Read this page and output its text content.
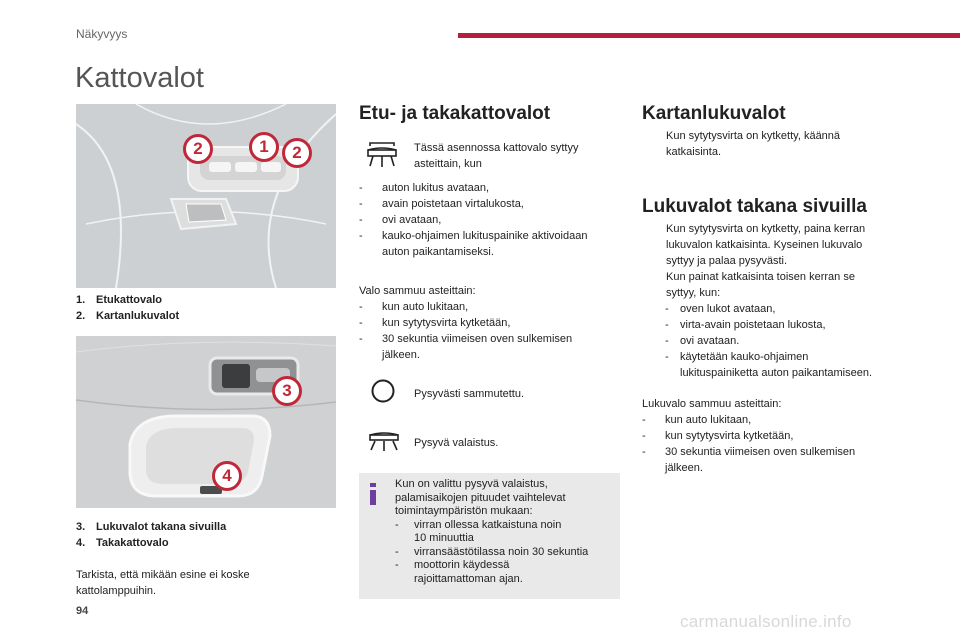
Näkyvyys
Kattovalot
2	1	2
1. Etukattovalo
2. Kartanlukuvalot
3
4
3. Lukuvalot takana sivuilla
4. Takakattovalo
Tarkista, että mikään esine ei koske
kattolamppuihin.
Etu- ja takakattovalot
Tässä asennossa kattovalo syttyy
asteittain, kun
- auton lukitus avataan,
- avain poistetaan virtalukosta,
- ovi avataan,
- kauko-ohjaimen lukituspainike aktivoidaan
auton paikantamiseksi.
Valo sammuu asteittain:
- kun auto lukitaan,
- kun sytytysvirta kytketään,
- 30 sekuntia viimeisen oven sulkemisen
jälkeen.
Pysyvästi sammutettu.
Pysyvä valaistus.
Kun on valittu pysyvä valaistus,
palamisaikojen pituudet vaihtelevat
toimintaympäristön mukaan:
- virran ollessa katkaistuna noin
10 minuuttia
- virransäästötilassa noin 30 sekuntia
- moottorin käydessä
rajoittamattoman ajan.
Kartanlukuvalot
Kun sytytysvirta on kytketty, käännä
katkaisinta.
Lukuvalot takana sivuilla
Kun sytytysvirta on kytketty, paina kerran
lukuvalon katkaisinta. Kyseinen lukuvalo
syttyy ja palaa pysyvästi.
Kun painat katkaisinta toisen kerran se
syttyy, kun:
- oven lukot avataan,
- virta-avain poistetaan lukosta,
- ovi avataan.
- käytetään kauko-ohjaimen
lukituspainiketta auton paikantamiseen.
Lukuvalo sammuu asteittain:
- kun auto lukitaan,
- kun sytytysvirta kytketään,
- 30 sekuntia viimeisen oven sulkemisen
jälkeen.
94
carmanualsonline.info
